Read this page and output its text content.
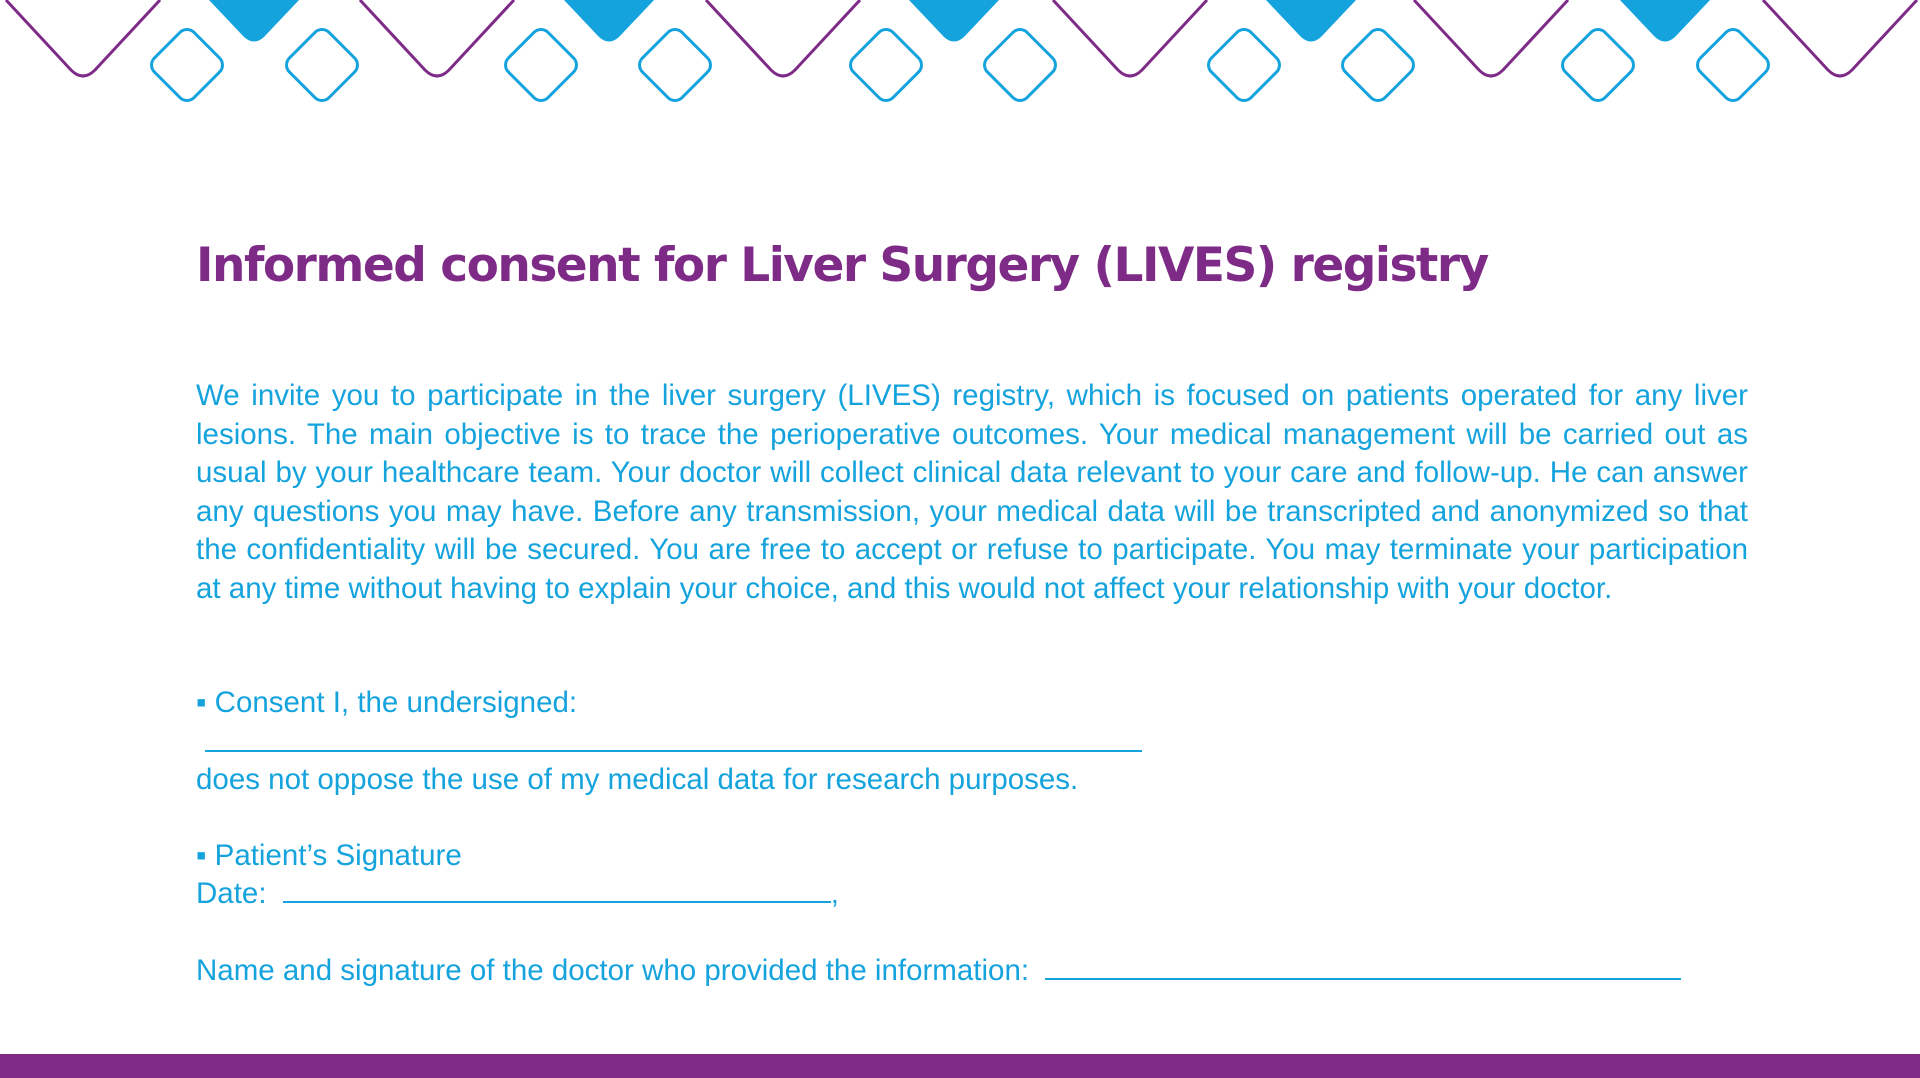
Informed consent for Liver Surgery (LIVES) registry

We invite you to participate in the liver surgery (LIVES) registry, which is focused on patients operated for any liver lesions. The main objective is to trace the perioperative outcomes. Your medical management will be carried out as usual by your healthcare team. Your doctor will collect clinical data relevant to your care and follow-up. He can answer any questions you may have. Before any transmission, your medical data will be transcripted and anonymized so that the confidentiality will be secured. You are free to accept or refuse to participate. You may terminate your participation at any time without having to explain your choice, and this would not affect your relationship with your doctor.

▪ Consent I, the undersigned:

does not oppose the use of my medical data for research purposes.

▪ Patient’s Signature

Date:	,
Name and signature of the doctor who provided the information:
